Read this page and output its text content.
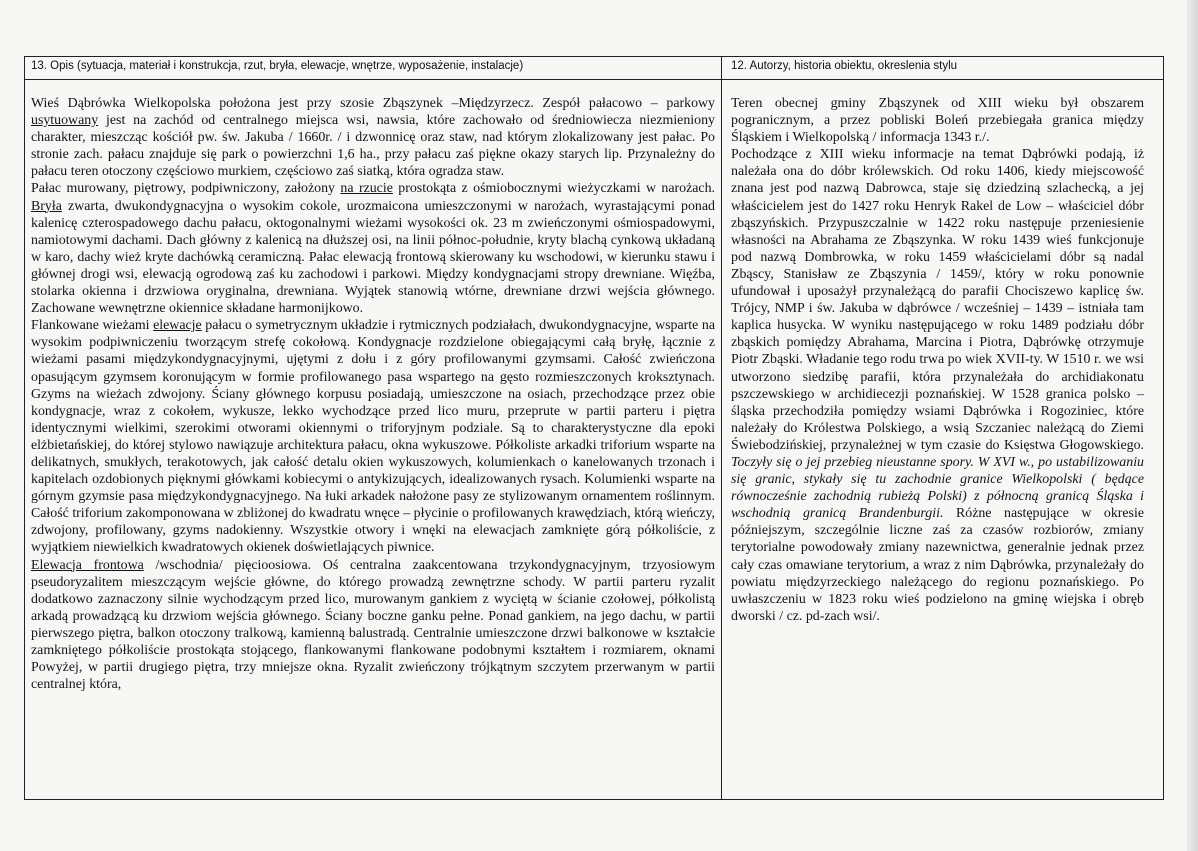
13. Opis (sytuacja, materiał i konstrukcja, rzut, bryła, elewacje, wnętrze, wyposażenie, instalacje)	12. Autorzy, historia obiektu, okreslenia stylu

Wieś Dąbrówka Wielkopolska położona jest przy szosie Zbąszynek –Międzyrzecz. Zespół pałacowo – parkowy usytuowany jest na zachód od centralnego miejsca wsi, nawsia, które zachowało od średniowiecza niezmieniony charakter, mieszcząc kościół pw. św. Jakuba / 1660r. / i dzwonnicę oraz staw, nad którym zlokalizowany jest pałac. Po stronie zach. pałacu znajduje się park o powierzchni 1,6 ha., przy pałacu zaś piękne okazy starych lip. Przynależny do pałacu teren otoczony częściowo murkiem, częściowo zaś siatką, która ogradza staw.

Pałac murowany, piętrowy, podpiwniczony, założony na rzucie prostokąta z ośmiobocznymi wieżyczkami w narożach. Bryła zwarta, dwukondygnacyjna o wysokim cokole, urozmaicona umieszczonymi w narożach, wyrastającymi ponad kalenicę czterospadowego dachu pałacu, oktogonalnymi wieżami wysokości ok. 23 m zwieńczonymi ośmiospadowymi, namiotowymi dachami. Dach główny z kalenicą na dłuższej osi, na linii północ-południe, kryty blachą cynkową układaną w karo, dachy wież kryte dachówką ceramiczną. Pałac elewacją frontową skierowany ku wschodowi, w kierunku stawu i głównej drogi wsi, elewacją ogrodową zaś ku zachodowi i parkowi. Między kondygnacjami stropy drewniane. Więźba, stolarka okienna i drzwiowa oryginalna, drewniana. Wyjątek stanowią wtórne, drewniane drzwi wejścia głównego. Zachowane wewnętrzne okiennice składane harmonijkowo.

Flankowane wieżami elewacje pałacu o symetrycznym układzie i rytmicznych podziałach, dwukondygnacyjne, wsparte na wysokim podpiwniczeniu tworzącym strefę cokołową. Kondygnacje rozdzielone obiegającymi całą bryłę, łącznie z wieżami pasami międzykondygnacyjnymi, ujętymi z dołu i z góry profilowanymi gzymsami. Całość zwieńczona opasującym gzymsem koronującym w formie profilowanego pasa wspartego na gęsto rozmieszczonych kroksztynach. Gzyms na wieżach zdwojony. Ściany głównego korpusu posiadają, umieszczone na osiach, przechodzące przez obie kondygnacje, wraz z cokołem, wykusze, lekko wychodzące przed lico muru, przeprute w partii parteru i piętra identycznymi wielkimi, szerokimi otworami okiennymi o triforyjnym podziale. Są to charakterystyczne dla epoki elżbietańskiej, do której stylowo nawiązuje architektura pałacu, okna wykuszowe. Półkoliste arkadki triforium wsparte na delikatnych, smukłych, terakotowych, jak całość detalu okien wykuszowych, kolumienkach o kanelowanych trzonach i kapitelach ozdobionych pięknymi główkami kobiecymi o antykizujących, idealizowanych rysach. Kolumienki wsparte na górnym gzymsie pasa międzykondygnacyjnego. Na łuki arkadek nałożone pasy ze stylizowanym ornamentem roślinnym. Całość triforium zakomponowana w zbliżonej do kwadratu wnęce – płycinie o profilowanych krawędziach, którą wieńczy, zdwojony, profilowany, gzyms nadokienny. Wszystkie otwory i wnęki na elewacjach zamknięte górą półkoliście, z wyjątkiem niewielkich kwadratowych okienek doświetlających piwnice.

Elewacja frontowa /wschodnia/ pięcioosiowa. Oś centralna zaakcentowana trzykondygnacyjnym, trzyosiowym pseudoryzalitem mieszczącym wejście główne, do którego prowadzą zewnętrzne schody. W partii parteru ryzalit dodatkowo zaznaczony silnie wychodzącym przed lico, murowanym gankiem z wyciętą w ścianie czołowej, półkolistą arkadą prowadzącą ku drzwiom wejścia głównego. Ściany boczne ganku pełne. Ponad gankiem, na jego dachu, w partii pierwszego piętra, balkon otoczony tralkową, kamienną balustradą. Centralnie umieszczone drzwi balkonowe w kształcie zamkniętego półkoliście prostokąta stojącego, flankowanymi flankowane podobnymi kształtem i rozmiarem, oknami Powyżej, w partii drugiego piętra, trzy mniejsze okna. Ryzalit zwieńczony trójkątnym szczytem przerwanym w partii centralnej która,

Teren obecnej gminy Zbąszynek od XIII wieku był obszarem pogranicznym, a przez pobliski Boleń przebiegała granica między Śląskiem i Wielkopolską / informacja 1343 r./.

Pochodzące z XIII wieku informacje na temat Dąbrówki podają, iż należała ona do dóbr królewskich. Od roku 1406, kiedy miejscowość znana jest pod nazwą Dabrowca, staje się dziedziną szlachecką, a jej właścicielem jest do 1427 roku Henryk Rakel de Low – właściciel dóbr zbąszyńskich. Przypuszczalnie w 1422 roku następuje przeniesienie własności na Abrahama ze Zbąszynka. W roku 1439 wieś funkcjonuje pod nazwą Dombrowka, w roku 1459 właścicielami dóbr są nadal Zbąscy, Stanisław ze Zbąszynia / 1459/, który w roku ponownie ufundował i uposażył przynależącą do parafii Chociszewo kaplicę św. Trójcy, NMP i św. Jakuba w dąbrówce / wcześniej – 1439 – istniała tam kaplica husycka. W wyniku następującego w roku 1489 podziału dóbr zbąskich pomiędzy Abrahama, Marcina i Piotra, Dąbrówkę otrzymuje Piotr Zbąski. Władanie tego rodu trwa po wiek XVII-ty. W 1510 r. we wsi utworzono siedzibę parafii, która przynależała do archidiakonatu pszczewskiego w archidiecezji poznańskiej. W 1528 granica polsko – śląska przechodziła pomiędzy wsiami Dąbrówka i Rogoziniec, które należały do Królestwa Polskiego, a wsią Szczaniec należącą do Ziemi Świebodzińskiej, przynależnej w tym czasie do Księstwa Głogowskiego. Toczyły się o jej przebieg nieustanne spory. W XVI w., po ustabilizowaniu się granic, stykały się tu zachodnie granice Wielkopolski ( będące równocześnie zachodnią rubieżą Polski) z północną granicą Śląska i wschodnią granicą Brandenburgii. Różne następujące w okresie późniejszym, szczególnie liczne zaś za czasów rozbiorów, zmiany terytorialne powodowały zmiany nazewnictwa, generalnie jednak przez cały czas omawiane terytorium, a wraz z nim Dąbrówka, przynależały do powiatu międzyrzeckiego należącego do regionu poznańskiego. Po uwłaszczeniu w 1823 roku wieś podzielono na gminę wiejska i obręb dworski / cz. pd-zach wsi/.
